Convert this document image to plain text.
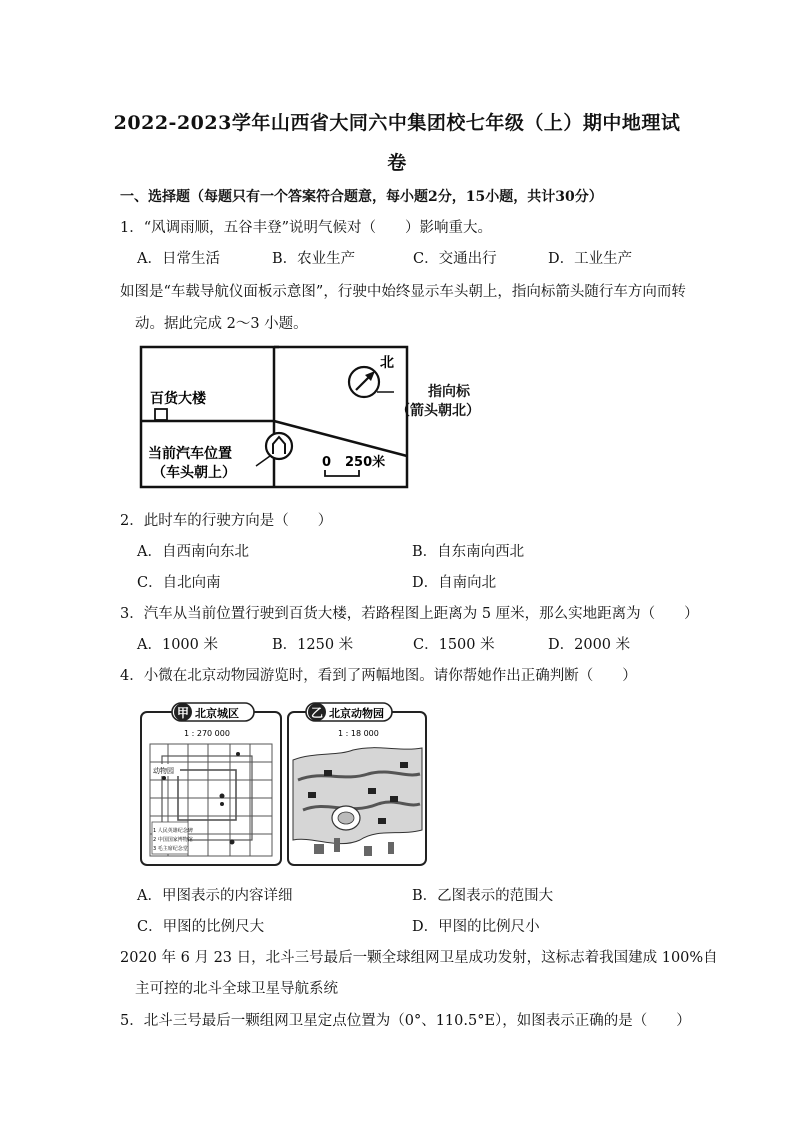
2022-2023学年山西省大同六中集团校七年级（上）期中地理试
卷
一、选择题（每题只有一个答案符合题意，每小题2分，15小题，共计30分）
1．“风调雨顺，五谷丰登”说明气候对（　　）影响重大。
A．日常生活	B．农业生产	C．交通出行	D．工业生产
如图是“车载导航仪面板示意图”，行驶中始终显示车头朝上，指向标箭头随行车方向而转
动。据此完成 2～3 小题。
百货大楼
北
当前汽车位置
（车头朝上）
0 250米
指向标
（箭头朝北）
2．此时车的行驶方向是（　　）
A．自西南向东北	B．自东南向西北
C．自北向南	D．自南向北
3．汽车从当前位置行驶到百货大楼，若路程图上距离为 5 厘米，那么实地距离为（　　）
A．1000 米	B．1250 米	C．1500 米	D．2000 米
4．小微在北京动物园游览时，看到了两幅地图。请你帮她作出正确判断（　　）
甲 北京城区
1 : 270 000
1 人民英雄纪念碑
2 中国国家博物馆
3 毛主席纪念堂
动物园
乙 北京动物园
1 : 18 000
A．甲图表示的内容详细	B．乙图表示的范围大
C．甲图的比例尺大	D．甲图的比例尺小
2020 年 6 月 23 日，北斗三号最后一颗全球组网卫星成功发射，这标志着我国建成 100%自
主可控的北斗全球卫星导航系统
5．北斗三号最后一颗组网卫星定点位置为（0°、110.5°E），如图表示正确的是（　　）
